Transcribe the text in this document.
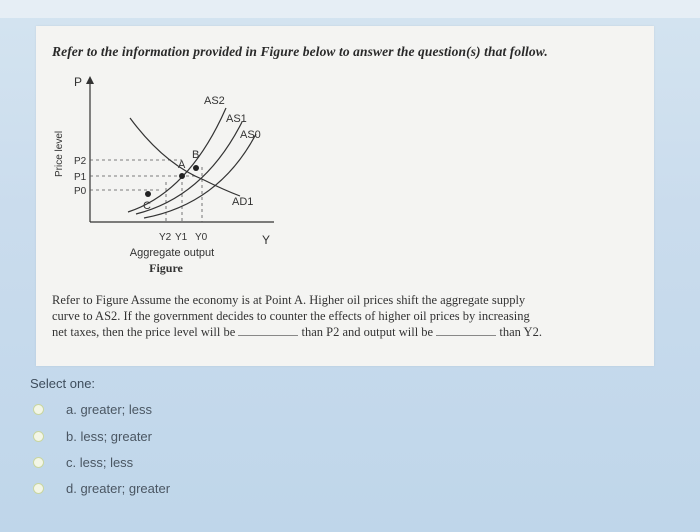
Refer to the information provided in Figure below to answer the question(s) that follow.
P
Y
Price level
AS2
AS1
AS0
AD1
A
B
C
P2
P1
P0
Y2 Y1 Y0
Aggregate output
Figure
Refer to Figure Assume the economy is at Point A. Higher oil prices shift the aggregate supply
curve to AS2. If the government decides to counter the effects of higher oil prices by increasing
net taxes, then the price level will be	than P2 and output will be	than Y2.
Select one:
a. greater; less
b. less; greater
c. less; less
d. greater; greater
